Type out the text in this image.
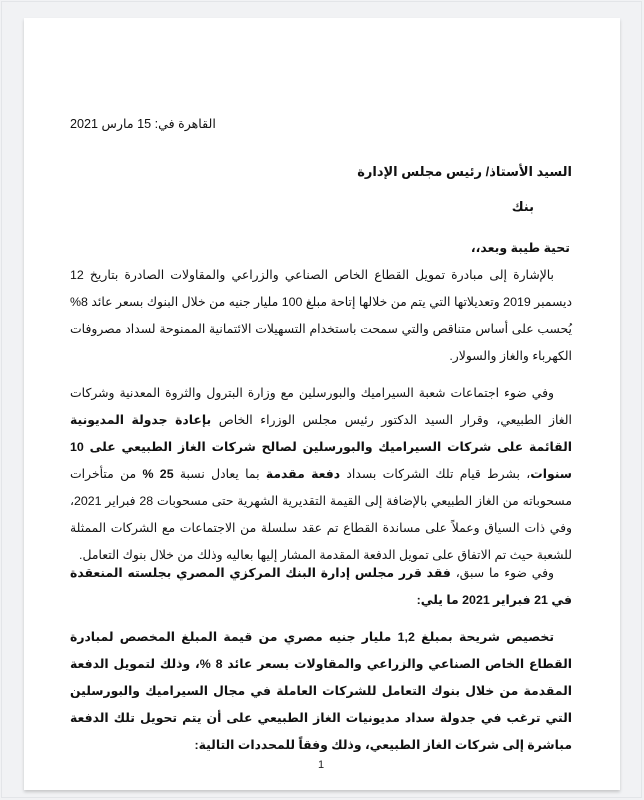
القاهرة في: 15 مارس 2021
السيد الأستاذ/ رئيس مجلس الإدارة
بنك
تحية طيبة وبعد،،
بالإشارة إلى مبادرة تمويل القطاع الخاص الصناعي والزراعي والمقاولات الصادرة بتاريخ 12 ديسمبر 2019 وتعديلاتها التي يتم من خلالها إتاحة مبلغ 100 مليار جنيه من خلال البنوك بسعر عائد 8% يُحسب على أساس متناقص والتي سمحت باستخدام التسهيلات الائتمانية الممنوحة لسداد مصروفات الكهرباء والغاز والسولار.
وفي ضوء اجتماعات شعبة السيراميك والبورسلين مع وزارة البترول والثروة المعدنية وشركات الغاز الطبيعي، وقرار السيد الدكتور رئيس مجلس الوزراء الخاص بإعادة جدولة المديونية القائمة على شركات السيراميك والبورسلين لصالح شركات الغاز الطبيعي على 10 سنوات، بشرط قيام تلك الشركات بسداد دفعة مقدمة بما يعادل نسبة 25 % من متأخرات مسحوباته من الغاز الطبيعي بالإضافة إلى القيمة التقديرية الشهرية حتى مسحوبات 28 فبراير 2021، وفي ذات السياق وعملاً على مساندة القطاع تم عقد سلسلة من الاجتماعات مع الشركات الممثلة للشعبة حيث تم الاتفاق على تمويل الدفعة المقدمة المشار إليها بعاليه وذلك من خلال بنوك التعامل.
وفي ضوء ما سبق، فقد قرر مجلس إدارة البنك المركزي المصري بجلسته المنعقدة في 21 فبراير 2021 ما يلي:
تخصيص شريحة بمبلغ 1,2 مليار جنيه مصري من قيمة المبلغ المخصص لمبادرة القطاع الخاص الصناعي والزراعي والمقاولات بسعر عائد 8 %، وذلك لتمويل الدفعة المقدمة من خلال بنوك التعامل للشركات العاملة في مجال السيراميك والبورسلين التي ترغب في جدولة سداد مديونيات الغاز الطبيعي على أن يتم تحويل تلك الدفعة مباشرة إلى شركات الغاز الطبيعي، وذلك وفقاً للمحددات التالية:
1
